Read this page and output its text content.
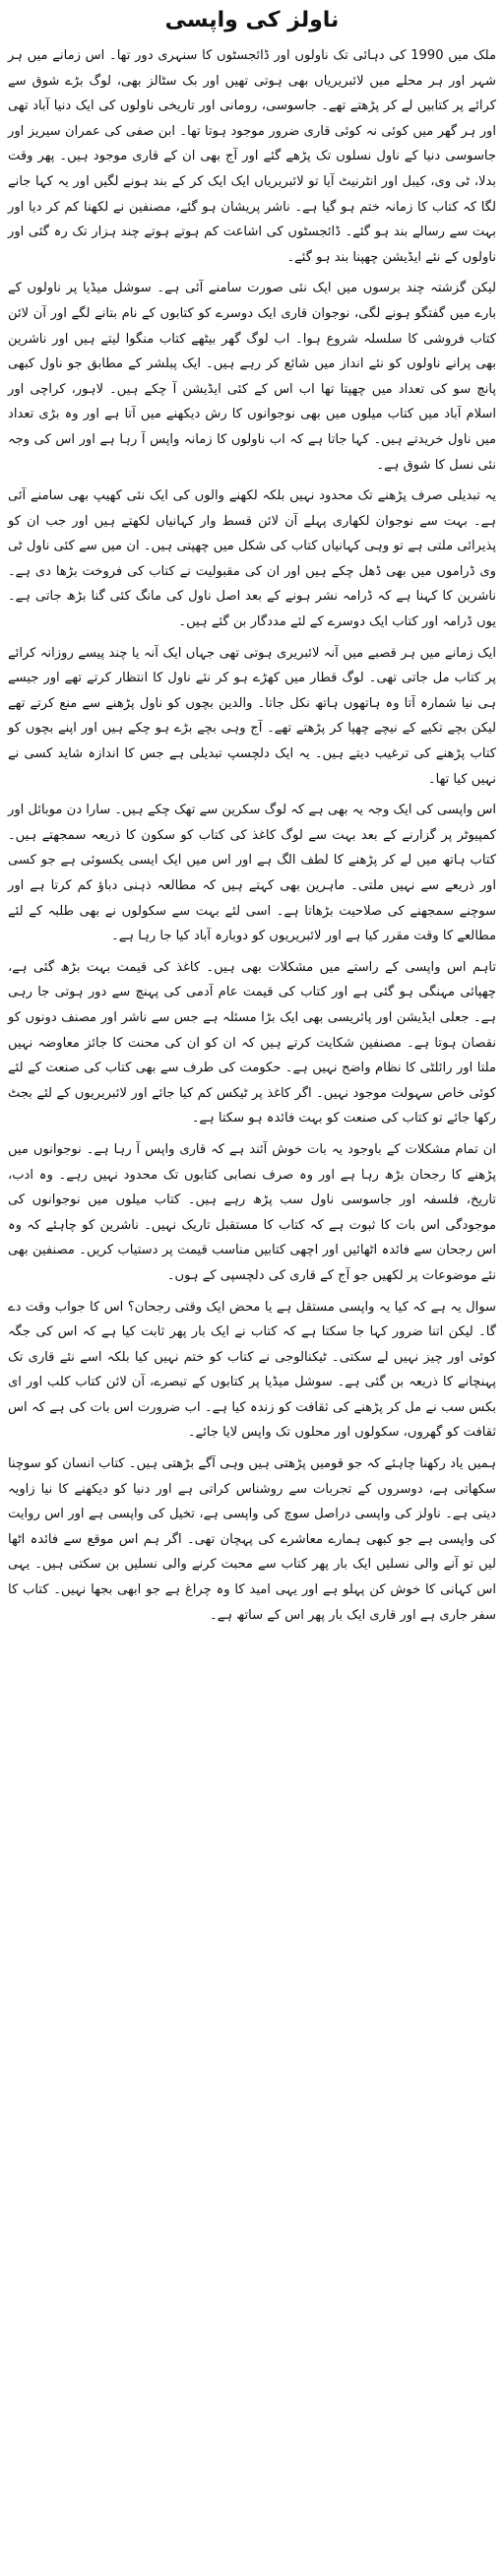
ناولز کی واپسی

ملک میں 1990 کی دہائی تک ناولوں اور ڈائجسٹوں کا سنہری دور تھا۔ اس زمانے میں ہر شہر اور ہر محلے میں لائبریریاں بھی ہوتی تھیں اور بک سٹالز بھی، لوگ بڑے شوق سے کرائے پر کتابیں لے کر پڑھتے تھے۔ جاسوسی، رومانی اور تاریخی ناولوں کی ایک دنیا آباد تھی اور ہر گھر میں کوئی نہ کوئی قاری ضرور موجود ہوتا تھا۔ ابن صفی کی عمران سیریز اور جاسوسی دنیا کے ناول نسلوں تک پڑھے گئے اور آج بھی ان کے قاری موجود ہیں۔ پھر وقت بدلا، ٹی وی، کیبل اور انٹرنیٹ آیا تو لائبریریاں ایک ایک کر کے بند ہونے لگیں اور یہ کہا جانے لگا کہ کتاب کا زمانہ ختم ہو گیا ہے۔ ناشر پریشان ہو گئے، مصنفین نے لکھنا کم کر دیا اور بہت سے رسالے بند ہو گئے۔ ڈائجسٹوں کی اشاعت کم ہوتے ہوتے چند ہزار تک رہ گئی اور ناولوں کے نئے ایڈیشن چھپنا بند ہو گئے۔

لیکن گزشتہ چند برسوں میں ایک نئی صورت سامنے آئی ہے۔ سوشل میڈیا پر ناولوں کے بارے میں گفتگو ہونے لگی، نوجوان قاری ایک دوسرے کو کتابوں کے نام بتانے لگے اور آن لائن کتاب فروشی کا سلسلہ شروع ہوا۔ اب لوگ گھر بیٹھے کتاب منگوا لیتے ہیں اور ناشرین بھی پرانے ناولوں کو نئے انداز میں شائع کر رہے ہیں۔ ایک پبلشر کے مطابق جو ناول کبھی پانچ سو کی تعداد میں چھپتا تھا اب اس کے کئی ایڈیشن آ چکے ہیں۔ لاہور، کراچی اور اسلام آباد میں کتاب میلوں میں بھی نوجوانوں کا رش دیکھنے میں آتا ہے اور وہ بڑی تعداد میں ناول خریدتے ہیں۔ کہا جاتا ہے کہ اب ناولوں کا زمانہ واپس آ رہا ہے اور اس کی وجہ نئی نسل کا شوق ہے۔

یہ تبدیلی صرف پڑھنے تک محدود نہیں بلکہ لکھنے والوں کی ایک نئی کھیپ بھی سامنے آئی ہے۔ بہت سے نوجوان لکھاری پہلے آن لائن قسط وار کہانیاں لکھتے ہیں اور جب ان کو پذیرائی ملتی ہے تو وہی کہانیاں کتاب کی شکل میں چھپتی ہیں۔ ان میں سے کئی ناول ٹی وی ڈراموں میں بھی ڈھل چکے ہیں اور ان کی مقبولیت نے کتاب کی فروخت بڑھا دی ہے۔ ناشرین کا کہنا ہے کہ ڈرامہ نشر ہونے کے بعد اصل ناول کی مانگ کئی گنا بڑھ جاتی ہے۔ یوں ڈرامہ اور کتاب ایک دوسرے کے لئے مددگار بن گئے ہیں۔

ایک زمانے میں ہر قصبے میں آنہ لائبریری ہوتی تھی جہاں ایک آنہ یا چند پیسے روزانہ کرائے پر کتاب مل جاتی تھی۔ لوگ قطار میں کھڑے ہو کر نئے ناول کا انتظار کرتے تھے اور جیسے ہی نیا شمارہ آتا وہ ہاتھوں ہاتھ نکل جاتا۔ والدین بچوں کو ناول پڑھنے سے منع کرتے تھے لیکن بچے تکیے کے نیچے چھپا کر پڑھتے تھے۔ آج وہی بچے بڑے ہو چکے ہیں اور اپنے بچوں کو کتاب پڑھنے کی ترغیب دیتے ہیں۔ یہ ایک دلچسپ تبدیلی ہے جس کا اندازہ شاید کسی نے نہیں کیا تھا۔

اس واپسی کی ایک وجہ یہ بھی ہے کہ لوگ سکرین سے تھک چکے ہیں۔ سارا دن موبائل اور کمپیوٹر پر گزارنے کے بعد بہت سے لوگ کاغذ کی کتاب کو سکون کا ذریعہ سمجھتے ہیں۔ کتاب ہاتھ میں لے کر پڑھنے کا لطف الگ ہے اور اس میں ایک ایسی یکسوئی ہے جو کسی اور ذریعے سے نہیں ملتی۔ ماہرین بھی کہتے ہیں کہ مطالعہ ذہنی دباؤ کم کرتا ہے اور سوچنے سمجھنے کی صلاحیت بڑھاتا ہے۔ اسی لئے بہت سے سکولوں نے بھی طلبہ کے لئے مطالعے کا وقت مقرر کیا ہے اور لائبریریوں کو دوبارہ آباد کیا جا رہا ہے۔

تاہم اس واپسی کے راستے میں مشکلات بھی ہیں۔ کاغذ کی قیمت بہت بڑھ گئی ہے، چھپائی مہنگی ہو گئی ہے اور کتاب کی قیمت عام آدمی کی پہنچ سے دور ہوتی جا رہی ہے۔ جعلی ایڈیشن اور پائریسی بھی ایک بڑا مسئلہ ہے جس سے ناشر اور مصنف دونوں کو نقصان ہوتا ہے۔ مصنفین شکایت کرتے ہیں کہ ان کو ان کی محنت کا جائز معاوضہ نہیں ملتا اور رائلٹی کا نظام واضح نہیں ہے۔ حکومت کی طرف سے بھی کتاب کی صنعت کے لئے کوئی خاص سہولت موجود نہیں۔ اگر کاغذ پر ٹیکس کم کیا جائے اور لائبریریوں کے لئے بجٹ رکھا جائے تو کتاب کی صنعت کو بہت فائدہ ہو سکتا ہے۔

ان تمام مشکلات کے باوجود یہ بات خوش آئند ہے کہ قاری واپس آ رہا ہے۔ نوجوانوں میں پڑھنے کا رجحان بڑھ رہا ہے اور وہ صرف نصابی کتابوں تک محدود نہیں رہے۔ وہ ادب، تاریخ، فلسفہ اور جاسوسی ناول سب پڑھ رہے ہیں۔ کتاب میلوں میں نوجوانوں کی موجودگی اس بات کا ثبوت ہے کہ کتاب کا مستقبل تاریک نہیں۔ ناشرین کو چاہئے کہ وہ اس رجحان سے فائدہ اٹھائیں اور اچھی کتابیں مناسب قیمت پر دستیاب کریں۔ مصنفین بھی نئے موضوعات پر لکھیں جو آج کے قاری کی دلچسپی کے ہوں۔

سوال یہ ہے کہ کیا یہ واپسی مستقل ہے یا محض ایک وقتی رجحان؟ اس کا جواب وقت دے گا۔ لیکن اتنا ضرور کہا جا سکتا ہے کہ کتاب نے ایک بار پھر ثابت کیا ہے کہ اس کی جگہ کوئی اور چیز نہیں لے سکتی۔ ٹیکنالوجی نے کتاب کو ختم نہیں کیا بلکہ اسے نئے قاری تک پہنچانے کا ذریعہ بن گئی ہے۔ سوشل میڈیا پر کتابوں کے تبصرے، آن لائن کتاب کلب اور ای بکس سب نے مل کر پڑھنے کی ثقافت کو زندہ کیا ہے۔ اب ضرورت اس بات کی ہے کہ اس ثقافت کو گھروں، سکولوں اور محلوں تک واپس لایا جائے۔

ہمیں یاد رکھنا چاہئے کہ جو قومیں پڑھتی ہیں وہی آگے بڑھتی ہیں۔ کتاب انسان کو سوچنا سکھاتی ہے، دوسروں کے تجربات سے روشناس کراتی ہے اور دنیا کو دیکھنے کا نیا زاویہ دیتی ہے۔ ناولز کی واپسی دراصل سوچ کی واپسی ہے، تخیل کی واپسی ہے اور اس روایت کی واپسی ہے جو کبھی ہمارے معاشرے کی پہچان تھی۔ اگر ہم اس موقع سے فائدہ اٹھا لیں تو آنے والی نسلیں ایک بار پھر کتاب سے محبت کرنے والی نسلیں بن سکتی ہیں۔ یہی اس کہانی کا خوش کن پہلو ہے اور یہی امید کا وہ چراغ ہے جو ابھی بجھا نہیں۔ کتاب کا سفر جاری ہے اور قاری ایک بار پھر اس کے ساتھ ہے۔
